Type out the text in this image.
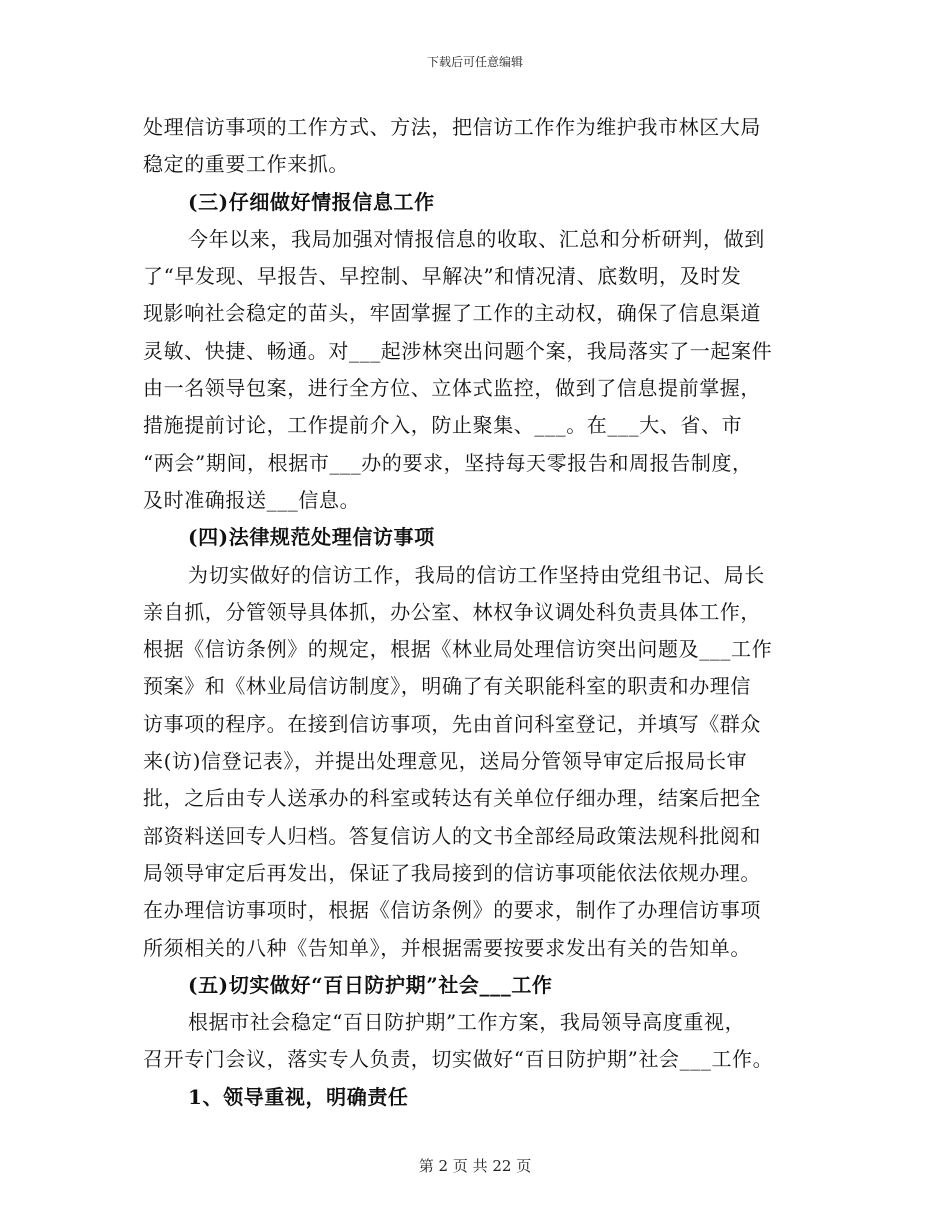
下载后可任意编辑
处理信访事项的工作方式、方法，把信访工作作为维护我市林区大局
稳定的重要工作来抓。
(三)仔细做好情报信息工作
今年以来，我局加强对情报信息的收取、汇总和分析研判，做到
了“早发现、早报告、早控制、早解决”和情况清、底数明，及时发
现影响社会稳定的苗头，牢固掌握了工作的主动权，确保了信息渠道
灵敏、快捷、畅通。对___起涉林突出问题个案，我局落实了一起案件
由一名领导包案，进行全方位、立体式监控，做到了信息提前掌握，
措施提前讨论，工作提前介入，防止聚集、___。在___大、省、市
“两会”期间，根据市___办的要求，坚持每天零报告和周报告制度，
及时准确报送___信息。
(四)法律规范处理信访事项
为切实做好的信访工作，我局的信访工作坚持由党组书记、局长
亲自抓，分管领导具体抓，办公室、林权争议调处科负责具体工作，
根据《信访条例》的规定，根据《林业局处理信访突出问题及___工作
预案》和《林业局信访制度》，明确了有关职能科室的职责和办理信
访事项的程序。在接到信访事项，先由首问科室登记，并填写《群众
来(访)信登记表》，并提出处理意见，送局分管领导审定后报局长审
批，之后由专人送承办的科室或转达有关单位仔细办理，结案后把全
部资料送回专人归档。答复信访人的文书全部经局政策法规科批阅和
局领导审定后再发出，保证了我局接到的信访事项能依法依规办理。
在办理信访事项时，根据《信访条例》的要求，制作了办理信访事项
所须相关的八种《告知单》，并根据需要按要求发出有关的告知单。
(五)切实做好“百日防护期”社会___工作
根据市社会稳定“百日防护期”工作方案，我局领导高度重视，
召开专门会议，落实专人负责，切实做好“百日防护期”社会___工作。
1、领导重视，明确责任
第 2 页 共 22 页
